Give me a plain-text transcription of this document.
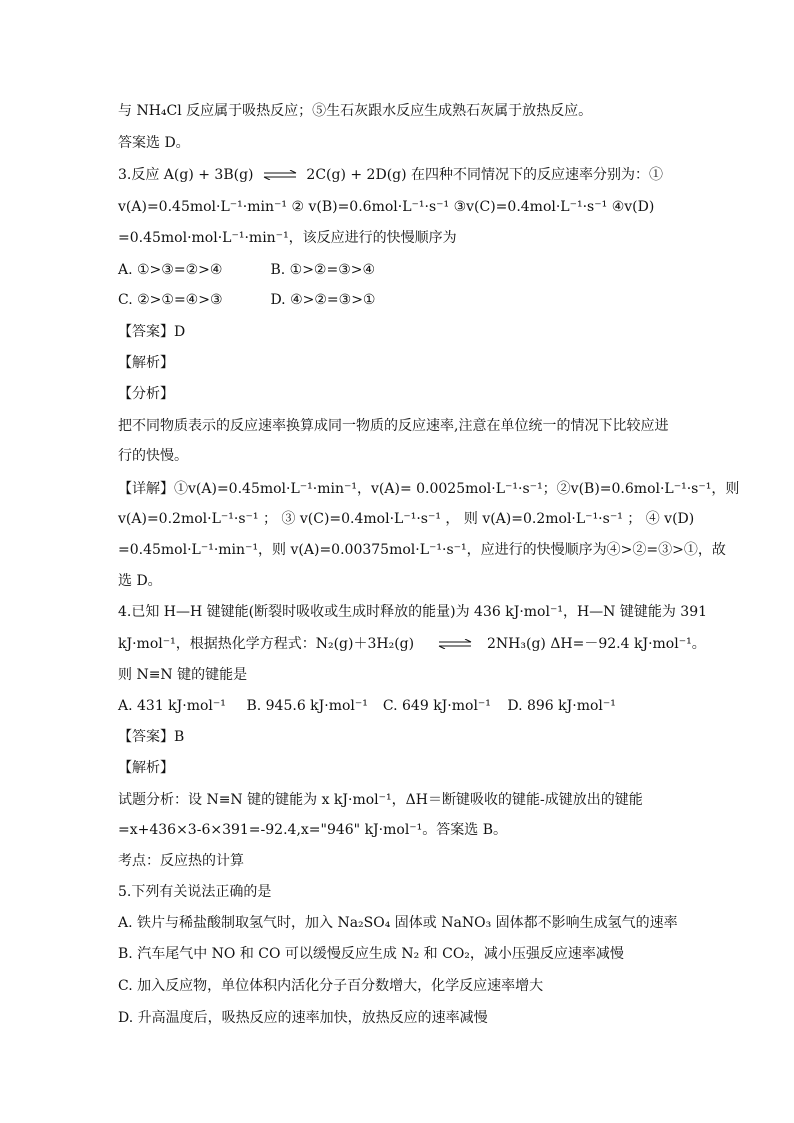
与 NH₄Cl 反应属于吸热反应；⑤生石灰跟水反应生成熟石灰属于放热反应。
答案选 D。
3.反应 A(g) + 3B(g) ⇌ 2C(g) + 2D(g) 在四种不同情况下的反应速率分别为：①
v(A)=0.45mol·L⁻¹·min⁻¹ ② v(B)=0.6mol·L⁻¹·s⁻¹ ③v(C)=0.4mol·L⁻¹·s⁻¹ ④v(D)
=0.45mol·mol·L⁻¹·min⁻¹，该反应进行的快慢顺序为
A. ①>③=②>④	B. ①>②=③>④
C. ②>①=④>③	D. ④>②=③>①
【答案】D
【解析】
【分析】
把不同物质表示的反应速率换算成同一物质的反应速率,注意在单位统一的情况下比较应进
行的快慢。
【详解】①v(A)=0.45mol·L⁻¹·min⁻¹，v(A)= 0.0025mol·L⁻¹·s⁻¹；②v(B)=0.6mol·L⁻¹·s⁻¹，则
v(A)=0.2mol·L⁻¹·s⁻¹ ； ③ v(C)=0.4mol·L⁻¹·s⁻¹ ， 则 v(A)=0.2mol·L⁻¹·s⁻¹ ； ④ v(D)
=0.45mol·L⁻¹·min⁻¹，则 v(A)=0.00375mol·L⁻¹·s⁻¹，应进行的快慢顺序为④>②=③>①，故
选 D。
4.已知 H—H 键键能(断裂时吸收或生成时释放的能量)为 436 kJ·mol⁻¹，H—N 键键能为 391
kJ·mol⁻¹，根据热化学方程式：N₂(g)＋3H₂(g) ⇌ 2NH₃(g) ΔH=－92.4 kJ·mol⁻¹。
则 N≡N 键的键能是
A. 431 kJ·mol⁻¹ B. 945.6 kJ·mol⁻¹ C. 649 kJ·mol⁻¹ D. 896 kJ·mol⁻¹
【答案】B
【解析】
试题分析：设 N≡N 键的键能为 x kJ·mol⁻¹，ΔH＝断键吸收的键能-成键放出的键能
=x+436×3-6×391=-92.4,x="946" kJ·mol⁻¹。答案选 B。
考点：反应热的计算
5.下列有关说法正确的是
A. 铁片与稀盐酸制取氢气时，加入 Na₂SO₄ 固体或 NaNO₃ 固体都不影响生成氢气的速率
B. 汽车尾气中 NO 和 CO 可以缓慢反应生成 N₂ 和 CO₂，减小压强反应速率减慢
C. 加入反应物，单位体积内活化分子百分数增大，化学反应速率增大
D. 升高温度后，吸热反应的速率加快，放热反应的速率减慢
